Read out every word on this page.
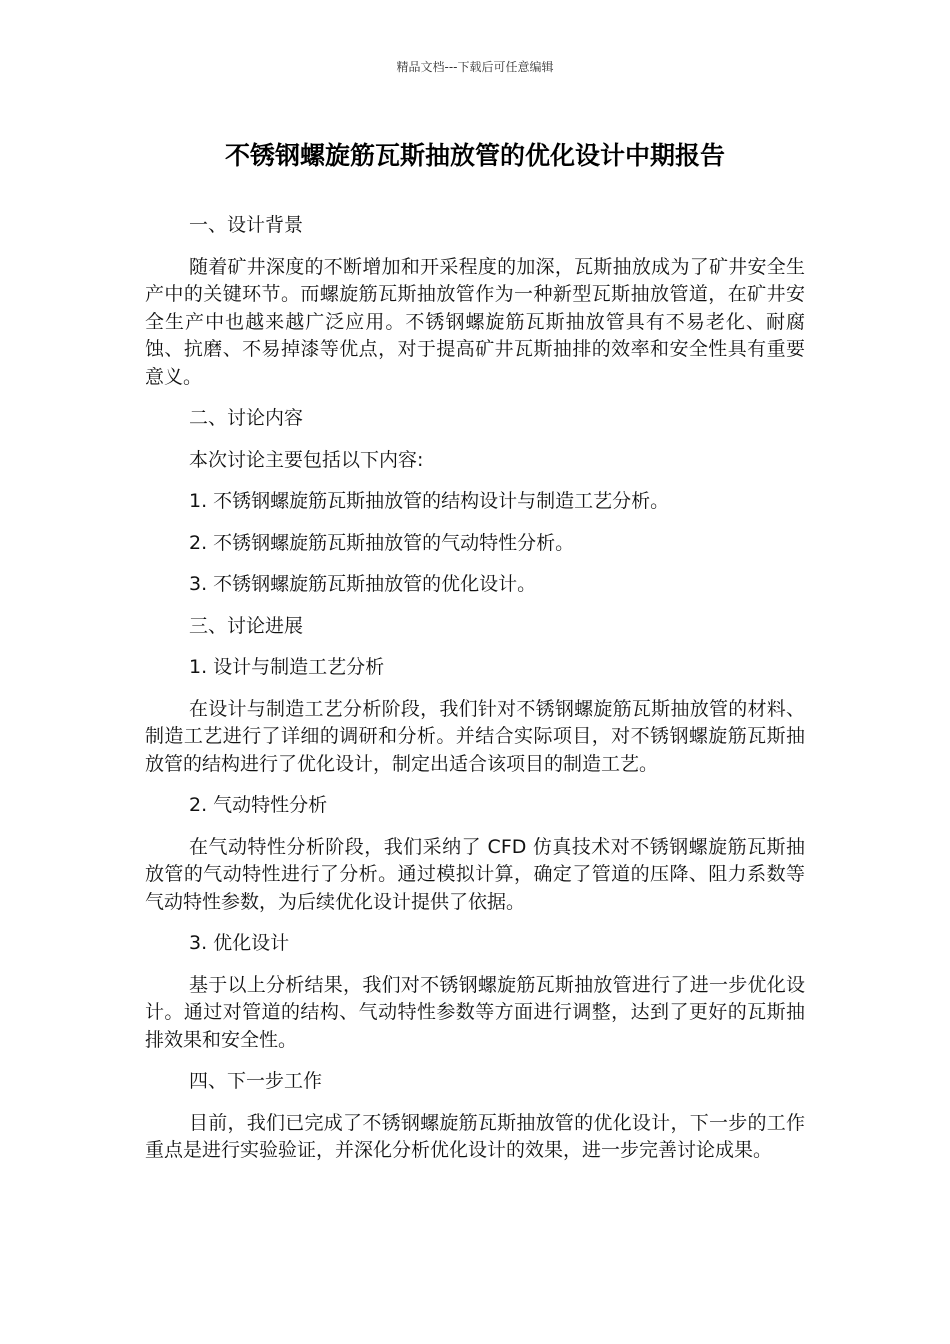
精品文档---下载后可任意编辑
不锈钢螺旋筋瓦斯抽放管的优化设计中期报告

一、设计背景

随着矿井深度的不断增加和开采程度的加深，瓦斯抽放成为了矿井安全生产中的关键环节。而螺旋筋瓦斯抽放管作为一种新型瓦斯抽放管道，在矿井安全生产中也越来越广泛应用。不锈钢螺旋筋瓦斯抽放管具有不易老化、耐腐蚀、抗磨、不易掉漆等优点，对于提高矿井瓦斯抽排的效率和安全性具有重要意义。

二、讨论内容

本次讨论主要包括以下内容:

1. 不锈钢螺旋筋瓦斯抽放管的结构设计与制造工艺分析。

2. 不锈钢螺旋筋瓦斯抽放管的气动特性分析。

3. 不锈钢螺旋筋瓦斯抽放管的优化设计。

三、讨论进展

1. 设计与制造工艺分析

在设计与制造工艺分析阶段，我们针对不锈钢螺旋筋瓦斯抽放管的材料、制造工艺进行了详细的调研和分析。并结合实际项目，对不锈钢螺旋筋瓦斯抽放管的结构进行了优化设计，制定出适合该项目的制造工艺。

2. 气动特性分析

在气动特性分析阶段，我们采纳了 CFD 仿真技术对不锈钢螺旋筋瓦斯抽放管的气动特性进行了分析。通过模拟计算，确定了管道的压降、阻力系数等气动特性参数，为后续优化设计提供了依据。

3. 优化设计

基于以上分析结果，我们对不锈钢螺旋筋瓦斯抽放管进行了进一步优化设计。通过对管道的结构、气动特性参数等方面进行调整，达到了更好的瓦斯抽排效果和安全性。

四、下一步工作

目前，我们已完成了不锈钢螺旋筋瓦斯抽放管的优化设计，下一步的工作重点是进行实验验证，并深化分析优化设计的效果，进一步完善讨论成果。
